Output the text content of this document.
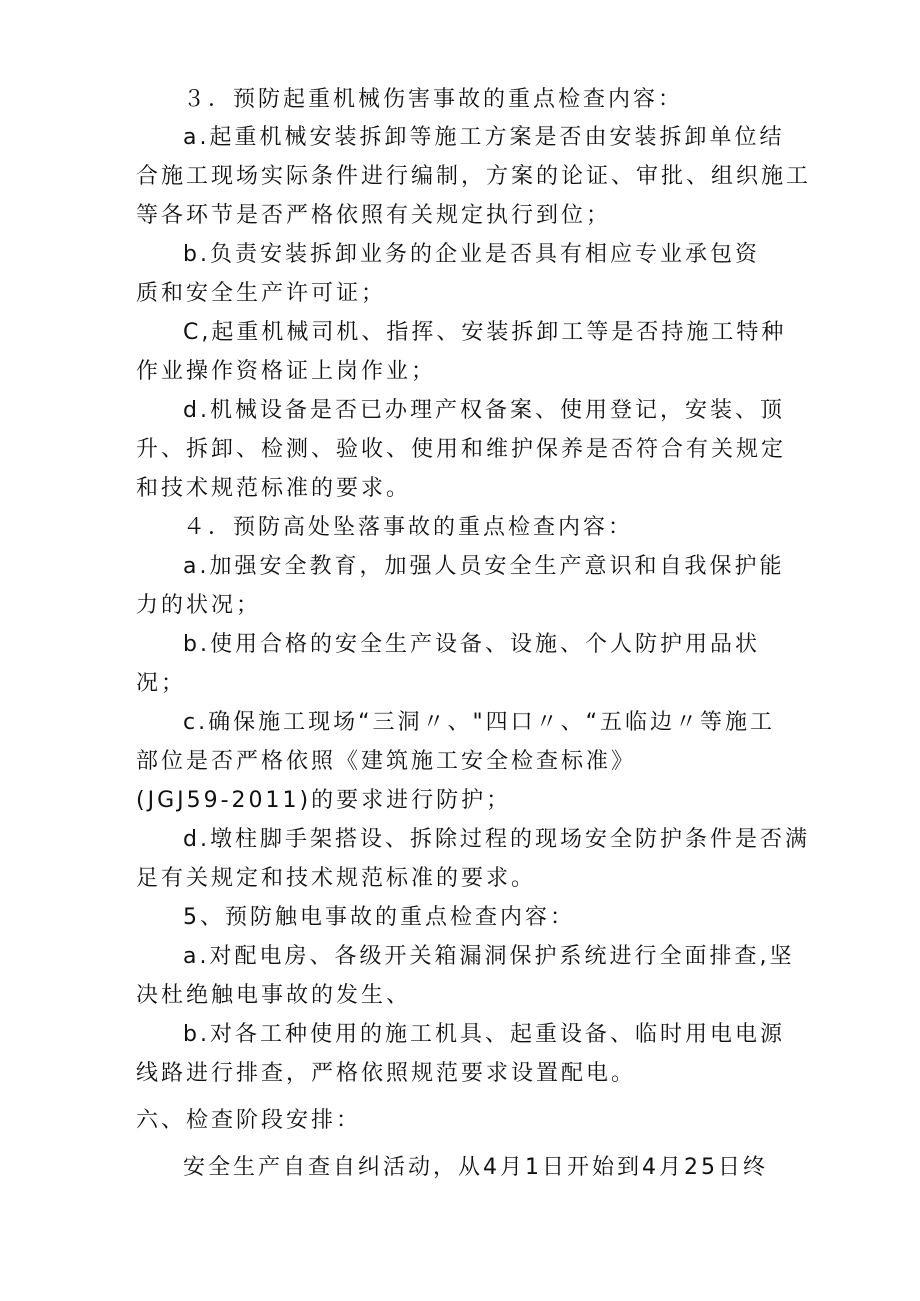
３．预防起重机械伤害事故的重点检查内容：
a.起重机械安装拆卸等施工方案是否由安装拆卸单位结
合施工现场实际条件进行编制，方案的论证、审批、组织施工
等各环节是否严格依照有关规定执行到位；
b.负责安装拆卸业务的企业是否具有相应专业承包资
质和安全生产许可证；
C,起重机械司机、指挥、安装拆卸工等是否持施工特种
作业操作资格证上岗作业；
d.机械设备是否已办理产权备案、使用登记，安装、顶
升、拆卸、检测、验收、使用和维护保养是否符合有关规定
和技术规范标准的要求。
４．预防高处坠落事故的重点检查内容：
a.加强安全教育，加强人员安全生产意识和自我保护能
力的状况；
b.使用合格的安全生产设备、设施、个人防护用品状
况；
c.确保施工现场“三洞〃、"四口〃、“五临边〃等施工
部位是否严格依照《建筑施工安全检查标准》
(JGJ59-2011)的要求进行防护；
d.墩柱脚手架搭设、拆除过程的现场安全防护条件是否满
足有关规定和技术规范标准的要求。
5、预防触电事故的重点检查内容：
a.对配电房、各级开关箱漏洞保护系统进行全面排查,坚
决杜绝触电事故的发生、
b.对各工种使用的施工机具、起重设备、临时用电电源
线路进行排查，严格依照规范要求设置配电。
六、检查阶段安排：
安全生产自查自纠活动，从4月1日开始到4月25日终
